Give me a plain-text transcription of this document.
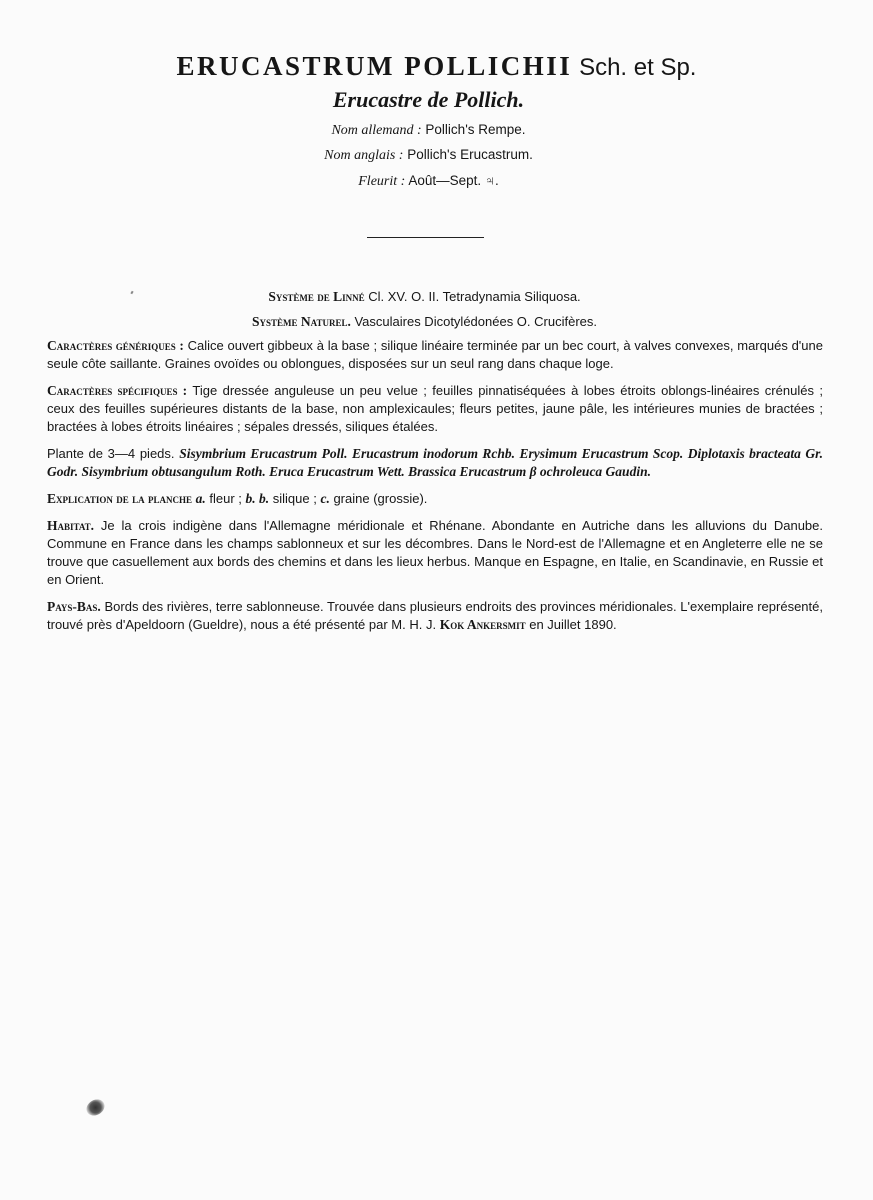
ERUCASTRUM POLLICHII Sch. et Sp.
Erucastre de Pollich.
Nom allemand : Pollich's Rempe.
Nom anglais : Pollich's Erucastrum.
Fleurit : Août—Sept. ♃.
Système de Linné Cl. XV. O. II. Tetradynamia Siliquosa.
Système Naturel. Vasculaires Dicotylédonées O. Crucifères.

Caractères génériques : Calice ouvert gibbeux à la base ; silique linéaire terminée par un bec court, à valves convexes, marqués d'une seule côte saillante. Graines ovoïdes ou oblongues, disposées sur un seul rang dans chaque loge.

Caractères spécifiques : Tige dressée anguleuse un peu velue ; feuilles pinnatiséquées à lobes étroits oblongs-linéaires crénulés ; ceux des feuilles supérieures distants de la base, non amplexicaules; fleurs petites, jaune pâle, les intérieures munies de bractées ; bractées à lobes étroits linéaires ; sépales dressés, siliques étalées.

Plante de 3—4 pieds. Sisymbrium Erucastrum Poll. Erucastrum inodorum Rchb. Erysimum Erucastrum Scop. Diplotaxis bracteata Gr. Godr. Sisymbrium obtusangulum Roth. Eruca Erucastrum Wett. Brassica Erucastrum β ochroleuca Gaudin.

Explication de la planche a. fleur ; b. b. silique ; c. graine (grossie).

Habitat. Je la crois indigène dans l'Allemagne méridionale et Rhénane. Abondante en Autriche dans les alluvions du Danube. Commune en France dans les champs sablonneux et sur les décombres. Dans le Nord-est de l'Allemagne et en Angleterre elle ne se trouve que casuellement aux bords des chemins et dans les lieux herbus. Manque en Espagne, en Italie, en Scandinavie, en Russie et en Orient.

Pays-Bas. Bords des rivières, terre sablonneuse. Trouvée dans plusieurs endroits des provinces méridionales. L'exemplaire représenté, trouvé près d'Apeldoorn (Gueldre), nous a été présenté par M. H. J. Kok Ankersmit en Juillet 1890.
